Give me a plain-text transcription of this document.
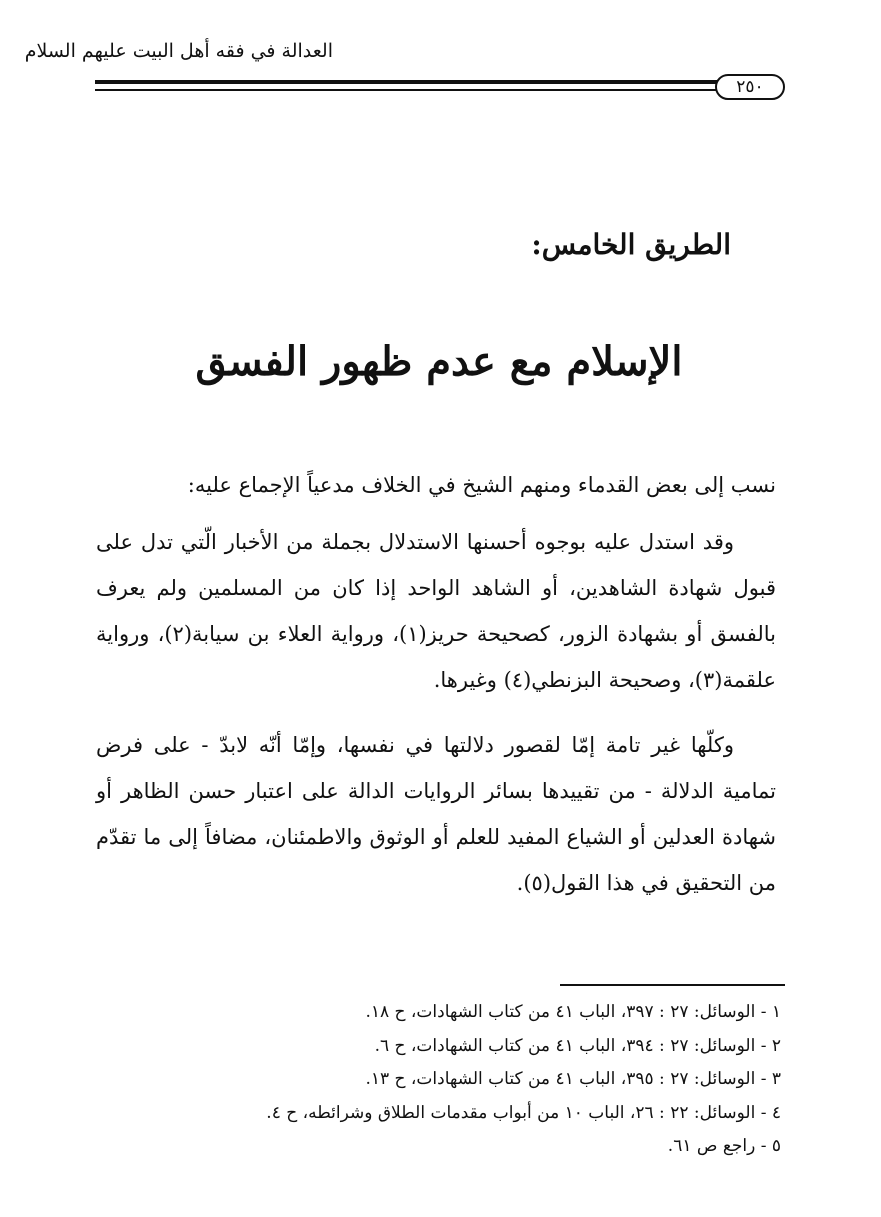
العدالة في فقه أهل البيت عليهم السلام
٢٥٠
الطريق الخامس:
الإسلام مع عدم ظهور الفسق

نسب إلى بعض القدماء ومنهم الشيخ في الخلاف مدعياً الإجماع عليه:

وقد استدل عليه بوجوه أحسنها الاستدلال بجملة من الأخبار الّتي تدل على قبول شهادة الشاهدين، أو الشاهد الواحد إذا كان من المسلمين ولم يعرف بالفسق أو بشهادة الزور، كصحيحة حريز(١)، ورواية العلاء بن سيابة(٢)، ورواية علقمة(٣)، وصحيحة البزنطي(٤) وغيرها.

وكلّها غير تامة إمّا لقصور دلالتها في نفسها، وإمّا أنّه لابدّ - على فرض تمامية الدلالة - من تقييدها بسائر الروايات الدالة على اعتبار حسن الظاهر أو شهادة العدلين أو الشياع المفيد للعلم أو الوثوق والاطمئنان، مضافاً إلى ما تقدّم من التحقيق في هذا القول(٥).

١ - الوسائل: ٢٧ : ٣٩٧، الباب ٤١ من كتاب الشهادات، ح ١٨.
٢ - الوسائل: ٢٧ : ٣٩٤، الباب ٤١ من كتاب الشهادات، ح ٦.
٣ - الوسائل: ٢٧ : ٣٩٥، الباب ٤١ من كتاب الشهادات، ح ١٣.
٤ - الوسائل: ٢٢ : ٢٦، الباب ١٠ من أبواب مقدمات الطلاق وشرائطه، ح ٤.
٥ - راجع ص ٦١.
